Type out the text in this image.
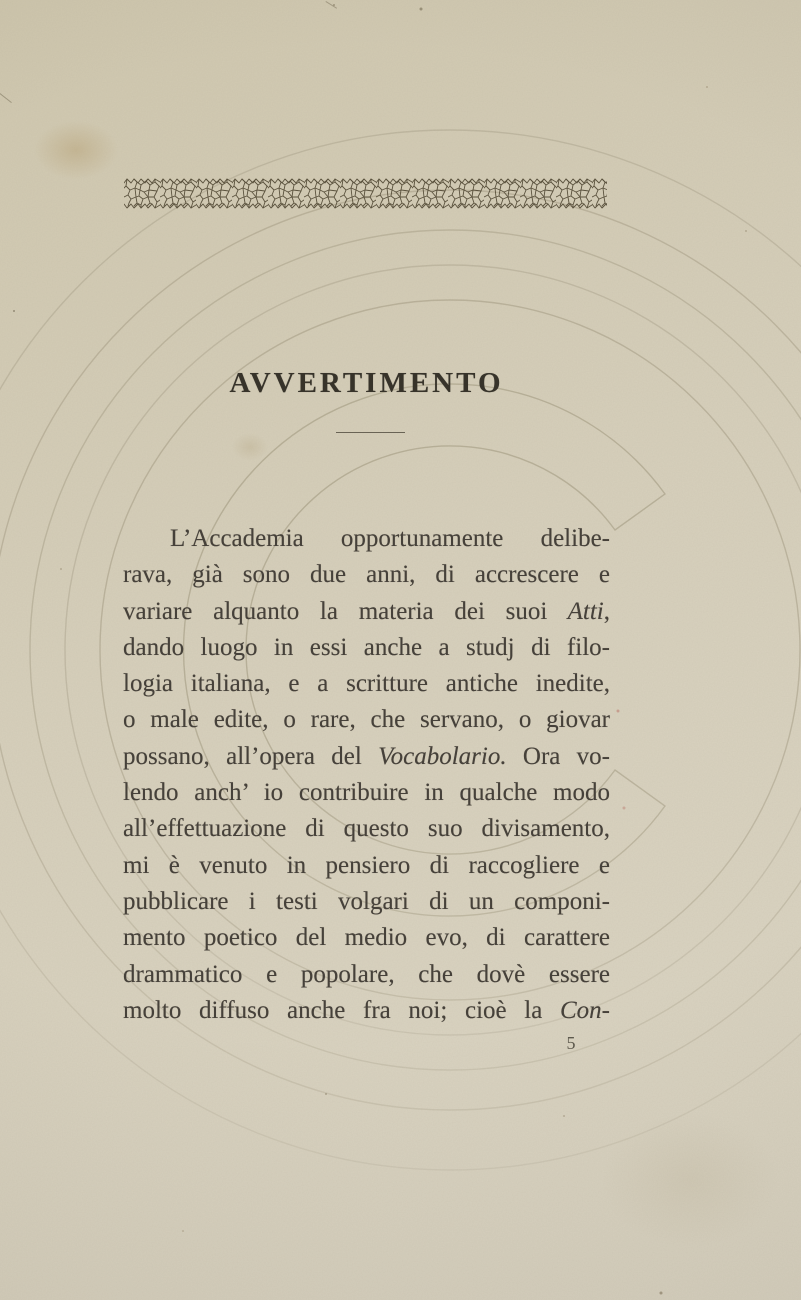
AVVERTIMENTO
L’Accademia opportunamente delibe-
rava, già sono due anni, di accrescere e
variare alquanto la materia dei suoi Atti,
dando luogo in essi anche a studj di filo-
logia italiana, e a scritture antiche inedite,
o male edite, o rare, che servano, o giovar
possano, all’opera del Vocabolario. Ora vo-
lendo anch’ io contribuire in qualche modo
all’effettuazione di questo suo divisamento,
mi è venuto in pensiero di raccogliere e
pubblicare i testi volgari di un componi-
mento poetico del medio evo, di carattere
drammatico e popolare, che dovè essere
molto diffuso anche fra noi; cioè la Con-
5
